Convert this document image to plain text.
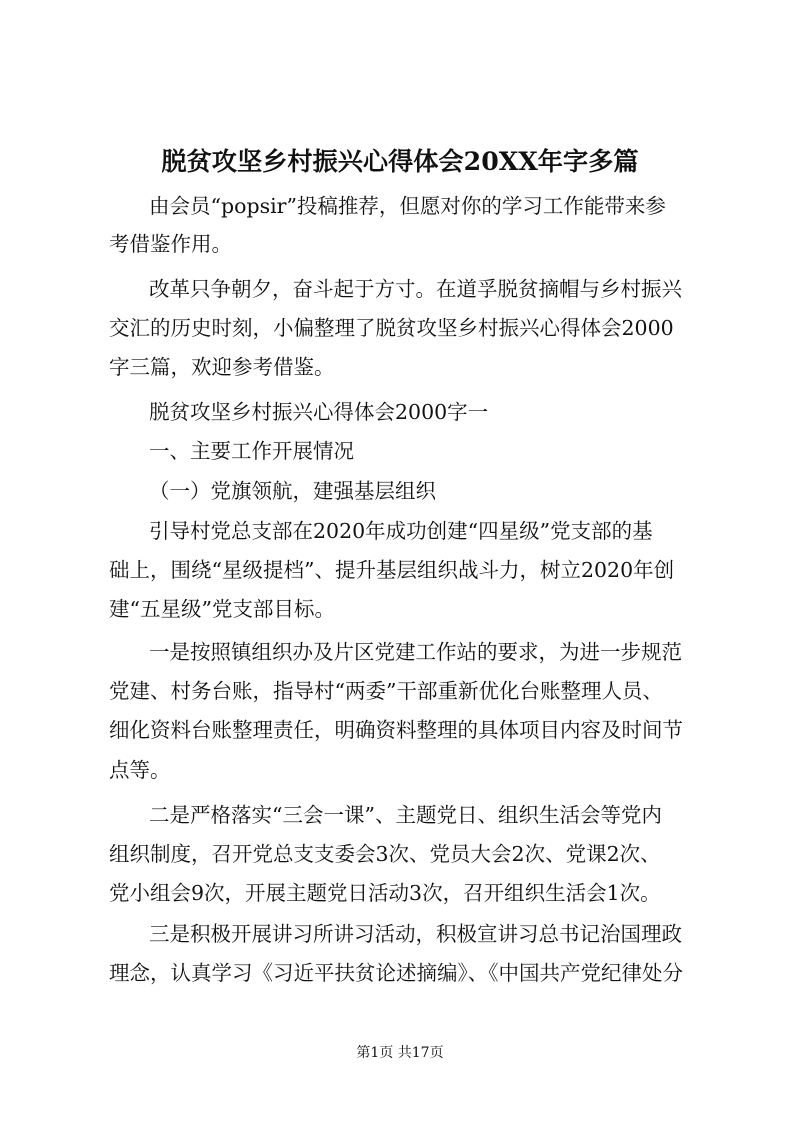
脱贫攻坚乡村振兴心得体会20XX年字多篇
由会员“popsir”投稿推荐，但愿对你的学习工作能带来参
考借鉴作用。
改革只争朝夕，奋斗起于方寸。在道孚脱贫摘帽与乡村振兴
交汇的历史时刻，小偏整理了脱贫攻坚乡村振兴心得体会2000
字三篇，欢迎参考借鉴。
脱贫攻坚乡村振兴心得体会2000字一
一、主要工作开展情况
（一）党旗领航，建强基层组织
引导村党总支部在2020年成功创建“四星级”党支部的基
础上，围绕“星级提档”、提升基层组织战斗力，树立2020年创
建“五星级”党支部目标。
一是按照镇组织办及片区党建工作站的要求，为进一步规范
党建、村务台账，指导村“两委”干部重新优化台账整理人员、
细化资料台账整理责任，明确资料整理的具体项目内容及时间节
点等。
二是严格落实“三会一课”、主题党日、组织生活会等党内
组织制度，召开党总支支委会3次、党员大会2次、党课2次、
党小组会9次，开展主题党日活动3次，召开组织生活会1次。
三是积极开展讲习所讲习活动，积极宣讲习总书记治国理政
理念，认真学习《习近平扶贫论述摘编》、《中国共产党纪律处分
第1页 共17页
